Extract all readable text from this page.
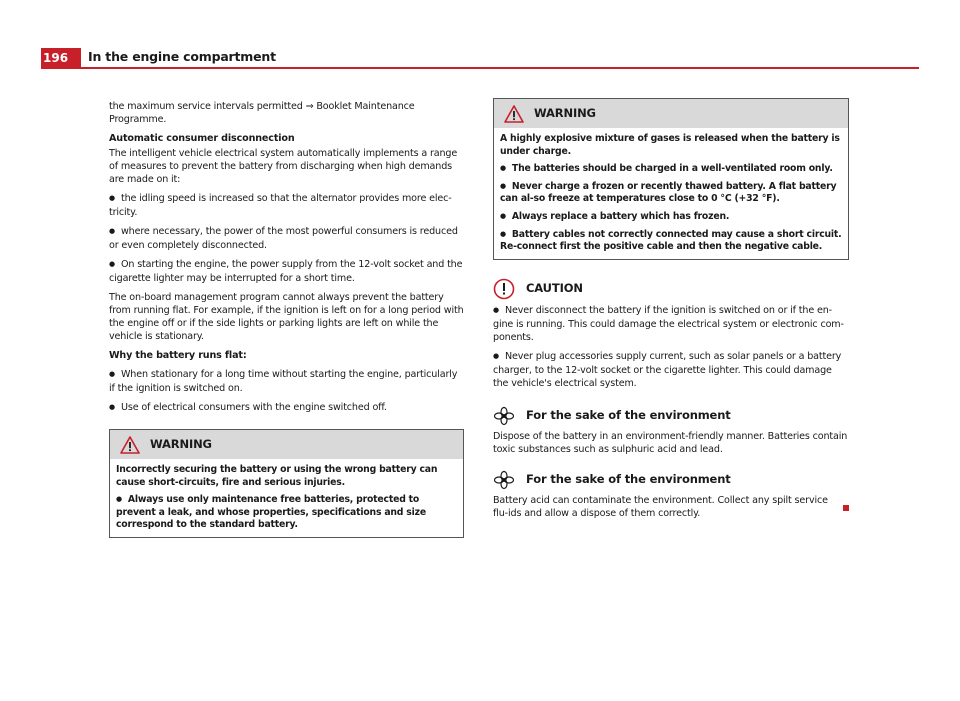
196	In the engine compartment

the maximum service intervals permitted ⇒ Booklet Maintenance Programme.

Automatic consumer disconnection

The intelligent vehicle electrical system automatically implements a range of measures to prevent the battery from discharging when high demands are made on it:

● the idling speed is increased so that the alternator provides more elec-tricity.

● where necessary, the power of the most powerful consumers is reduced or even completely disconnected.

● On starting the engine, the power supply from the 12-volt socket and the cigarette lighter may be interrupted for a short time.

The on-board management program cannot always prevent the battery from running flat. For example, if the ignition is left on for a long period with the engine off or if the side lights or parking lights are left on while the vehicle is stationary.

Why the battery runs flat:

● When stationary for a long time without starting the engine, particularly if the ignition is switched on.

● Use of electrical consumers with the engine switched off.

WARNING

Incorrectly securing the battery or using the wrong battery can cause short-circuits, fire and serious injuries.

● Always use only maintenance free batteries, protected to prevent a leak, and whose properties, specifications and size correspond to the standard battery.

WARNING

A highly explosive mixture of gases is released when the battery is under charge.

● The batteries should be charged in a well-ventilated room only.

● Never charge a frozen or recently thawed battery. A flat battery can al-so freeze at temperatures close to 0 °C (+32 °F).

● Always replace a battery which has frozen.

● Battery cables not correctly connected may cause a short circuit. Re-connect first the positive cable and then the negative cable.

CAUTION

● Never disconnect the battery if the ignition is switched on or if the en-gine is running. This could damage the electrical system or electronic com-ponents.

● Never plug accessories supply current, such as solar panels or a battery charger, to the 12-volt socket or the cigarette lighter. This could damage the vehicle's electrical system.

For the sake of the environment

Dispose of the battery in an environment-friendly manner. Batteries contain toxic substances such as sulphuric acid and lead.

For the sake of the environment

Battery acid can contaminate the environment. Collect any spilt service flu-ids and allow a dispose of them correctly.
